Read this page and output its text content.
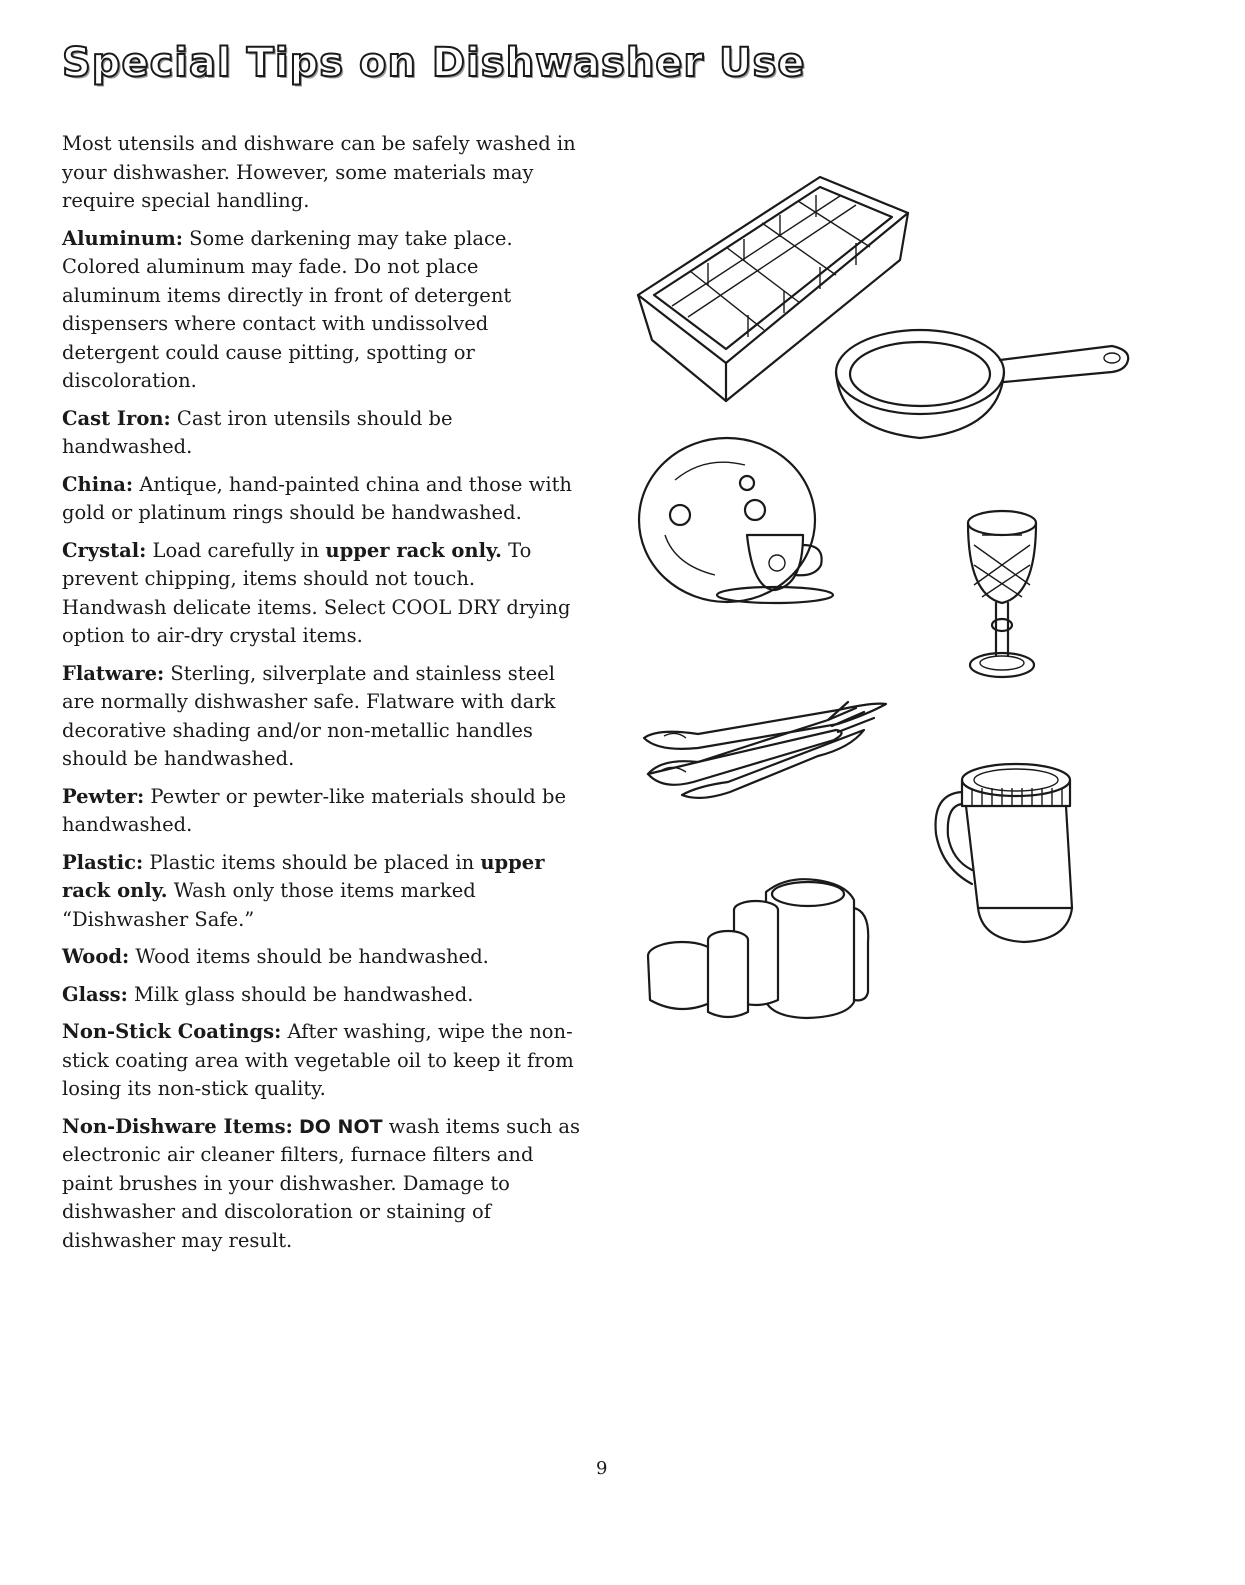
Special Tips on Dishwasher Use

Most utensils and dishware can be safely washed in your dishwasher. However, some materials may require special handling.

Aluminum: Some darkening may take place. Colored aluminum may fade. Do not place aluminum items directly in front of detergent dispensers where contact with undissolved detergent could cause pitting, spotting or discoloration.

Cast Iron: Cast iron utensils should be handwashed.

China: Antique, hand-painted china and those with gold or platinum rings should be handwashed.

Crystal: Load carefully in upper rack only. To prevent chipping, items should not touch. Handwash delicate items. Select COOL DRY drying option to air-dry crystal items.

Flatware: Sterling, silverplate and stainless steel are normally dishwasher safe. Flatware with dark decorative shading and/or non-metallic handles should be handwashed.

Pewter: Pewter or pewter-like materials should be handwashed.

Plastic: Plastic items should be placed in upper rack only. Wash only those items marked “Dishwasher Safe.”

Wood: Wood items should be handwashed.

Glass: Milk glass should be handwashed.

Non-Stick Coatings: After washing, wipe the non-stick coating area with vegetable oil to keep it from losing its non-stick quality.

Non-Dishware Items: DO NOT wash items such as electronic air cleaner filters, furnace filters and paint brushes in your dishwasher. Damage to dishwasher and discoloration or staining of dishwasher may result.

9
